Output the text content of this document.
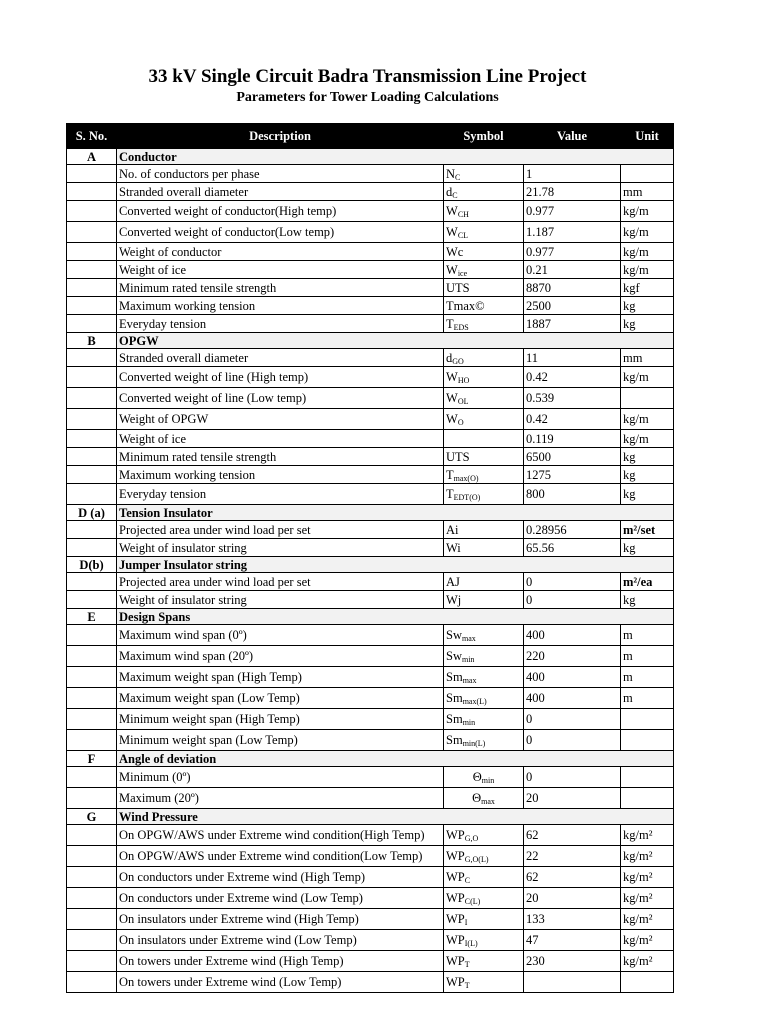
33 kV Single Circuit Badra Transmission Line Project
Parameters for Tower Loading Calculations
S. No.	Description	Symbol	Value	Unit
A	Conductor			
	No. of conductors per phase	$N_C$	1	
	Stranded overall diameter	$d_C$	21.78	mm
	Converted weight of conductor(High temp)	$W_{CH}$	0.977	kg/m
	Converted weight of conductor(Low temp)	$W_{CL}$	1.187	kg/m
	Weight of conductor	Wc	0.977	kg/m
	Weight of ice	$W_{ice}$	0.21	kg/m
	Minimum rated tensile strength	UTS	8870	kgf
	Maximum working tension	Tmax©	2500	kg
	Everyday tension	$T_{EDS}$	1887	kg
B	OPGW			
	Stranded overall diameter	$d_{GO}$	11	mm
	Converted weight of line (High temp)	$W_{HO}$	0.42	kg/m
	Converted weight of line (Low temp)	$W_{OL}$	0.539	
	Weight of OPGW	$W_O$	0.42	kg/m
	Weight of ice		0.119	kg/m
	Minimum rated tensile strength	UTS	6500	kg
	Maximum working tension	$T_{max(O)}$	1275	kg
	Everyday tension	$T_{EDT(O)}$	800	kg
D (a)	Tension Insulator			
	Projected area under wind load per set	Ai	0.28956	m²/set
	Weight of insulator string	Wi	65.56	kg
D(b)	Jumper Insulator string			
	Projected area under wind load per set	AJ	0	m²/ea
	Weight of insulator string	Wj	0	kg
E	Design Spans			
	Maximum wind span (0º)	$Sw_{max}$	400	m
	Maximum wind span (20º)	$Sw_{min}$	220	m
	Maximum weight span (High Temp)	$Sm_{max}$	400	m
	Maximum weight span (Low Temp)	$Sm_{max(L)}$	400	m
	Minimum weight span (High Temp)	$Sm_{min}$	0	
	Minimum weight span (Low Temp)	$Sm_{min(L)}$	0	
F	Angle of deviation			
	Minimum (0º)	$\Theta_{min}$	0	
	Maximum (20º)	$\Theta_{max}$	20	
G	Wind Pressure			
	On OPGW/AWS under Extreme wind condition(High Temp)	$WP_{G,O}$	62	kg/m²
	On OPGW/AWS under Extreme wind condition(Low Temp)	$WP_{G,O(L)}$	22	kg/m²
	On conductors under Extreme wind (High Temp)	$WP_C$	62	kg/m²
	On conductors under Extreme wind (Low Temp)	$WP_{C(L)}$	20	kg/m²
	On insulators under Extreme wind (High Temp)	$WP_I$	133	kg/m²
	On insulators under Extreme wind (Low Temp)	$WP_{I(L)}$	47	kg/m²
	On towers under Extreme wind (High Temp)	$WP_T$	230	kg/m²
	On towers under Extreme wind (Low Temp)	$WP_T$		
